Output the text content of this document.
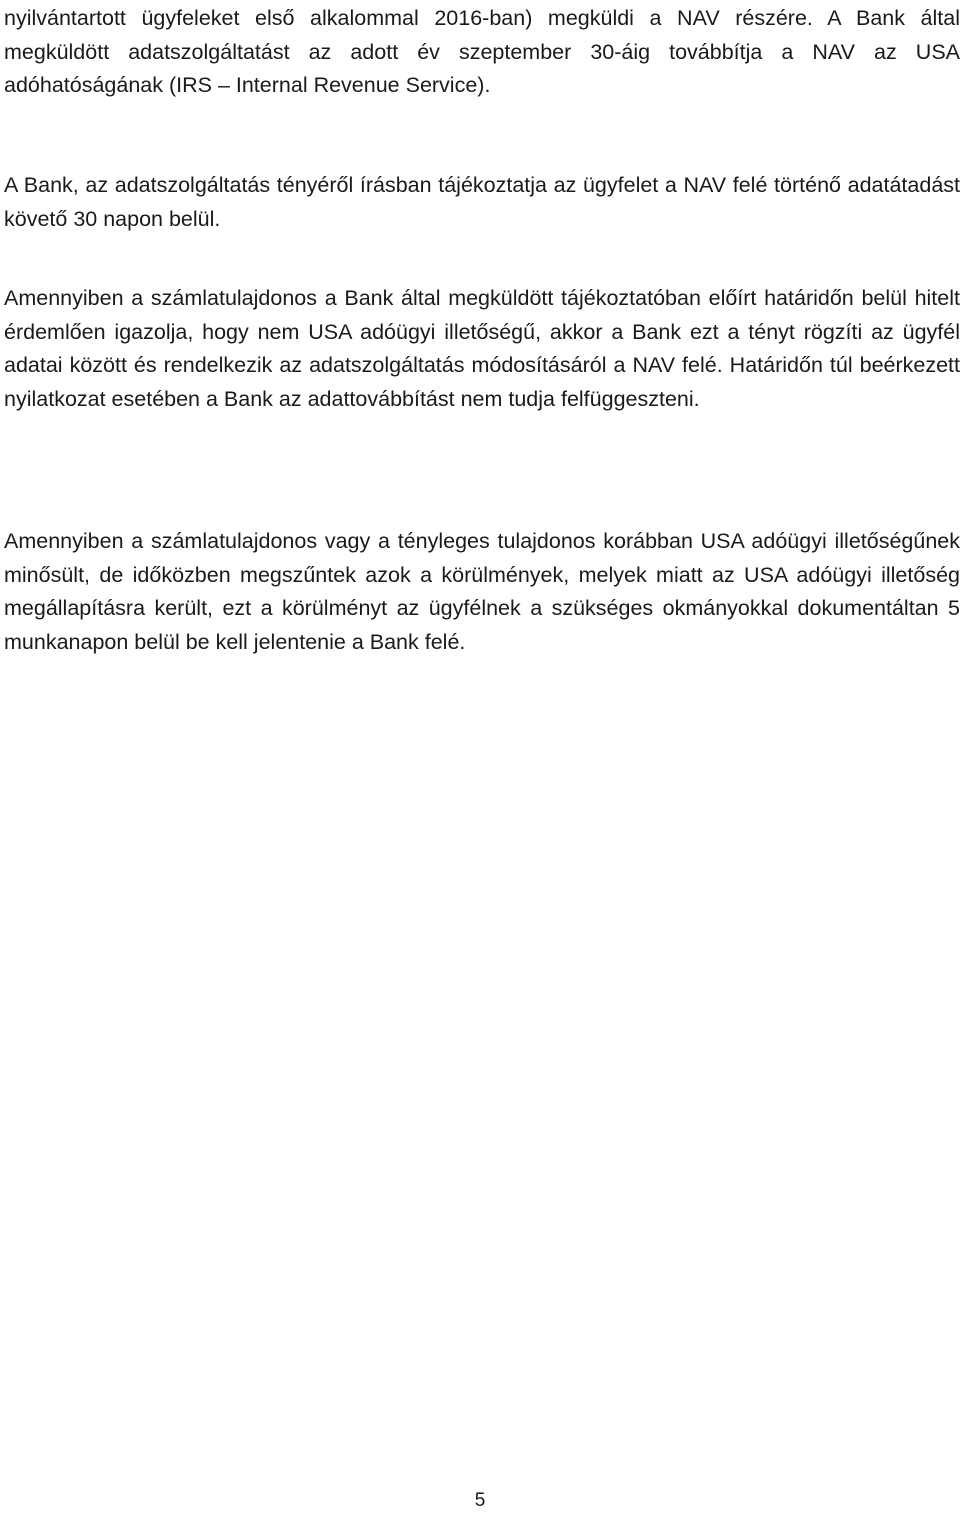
nyilvántartott ügyfeleket első alkalommal 2016-ban) megküldi a NAV részére. A Bank által megküldött adatszolgáltatást az adott év szeptember 30-áig továbbítja a NAV az USA adóhatóságának (IRS – Internal Revenue Service).

A Bank, az adatszolgáltatás tényéről írásban tájékoztatja az ügyfelet a NAV felé történő adatátadást követő 30 napon belül.

Amennyiben a számlatulajdonos a Bank által megküldött tájékoztatóban előírt határidőn belül hitelt érdemlően igazolja, hogy nem USA adóügyi illetőségű, akkor a Bank ezt a tényt rögzíti az ügyfél adatai között és rendelkezik az adatszolgáltatás módosításáról a NAV felé. Határidőn túl beérkezett nyilatkozat esetében a Bank az adattovábbítást nem tudja felfüggeszteni.

Amennyiben a számlatulajdonos vagy a tényleges tulajdonos korábban USA adóügyi illetőségűnek minősült, de időközben megszűntek azok a körülmények, melyek miatt az USA adóügyi illetőség megállapításra került, ezt a körülményt az ügyfélnek a szükséges okmányokkal dokumentáltan 5 munkanapon belül be kell jelentenie a Bank felé.

5
